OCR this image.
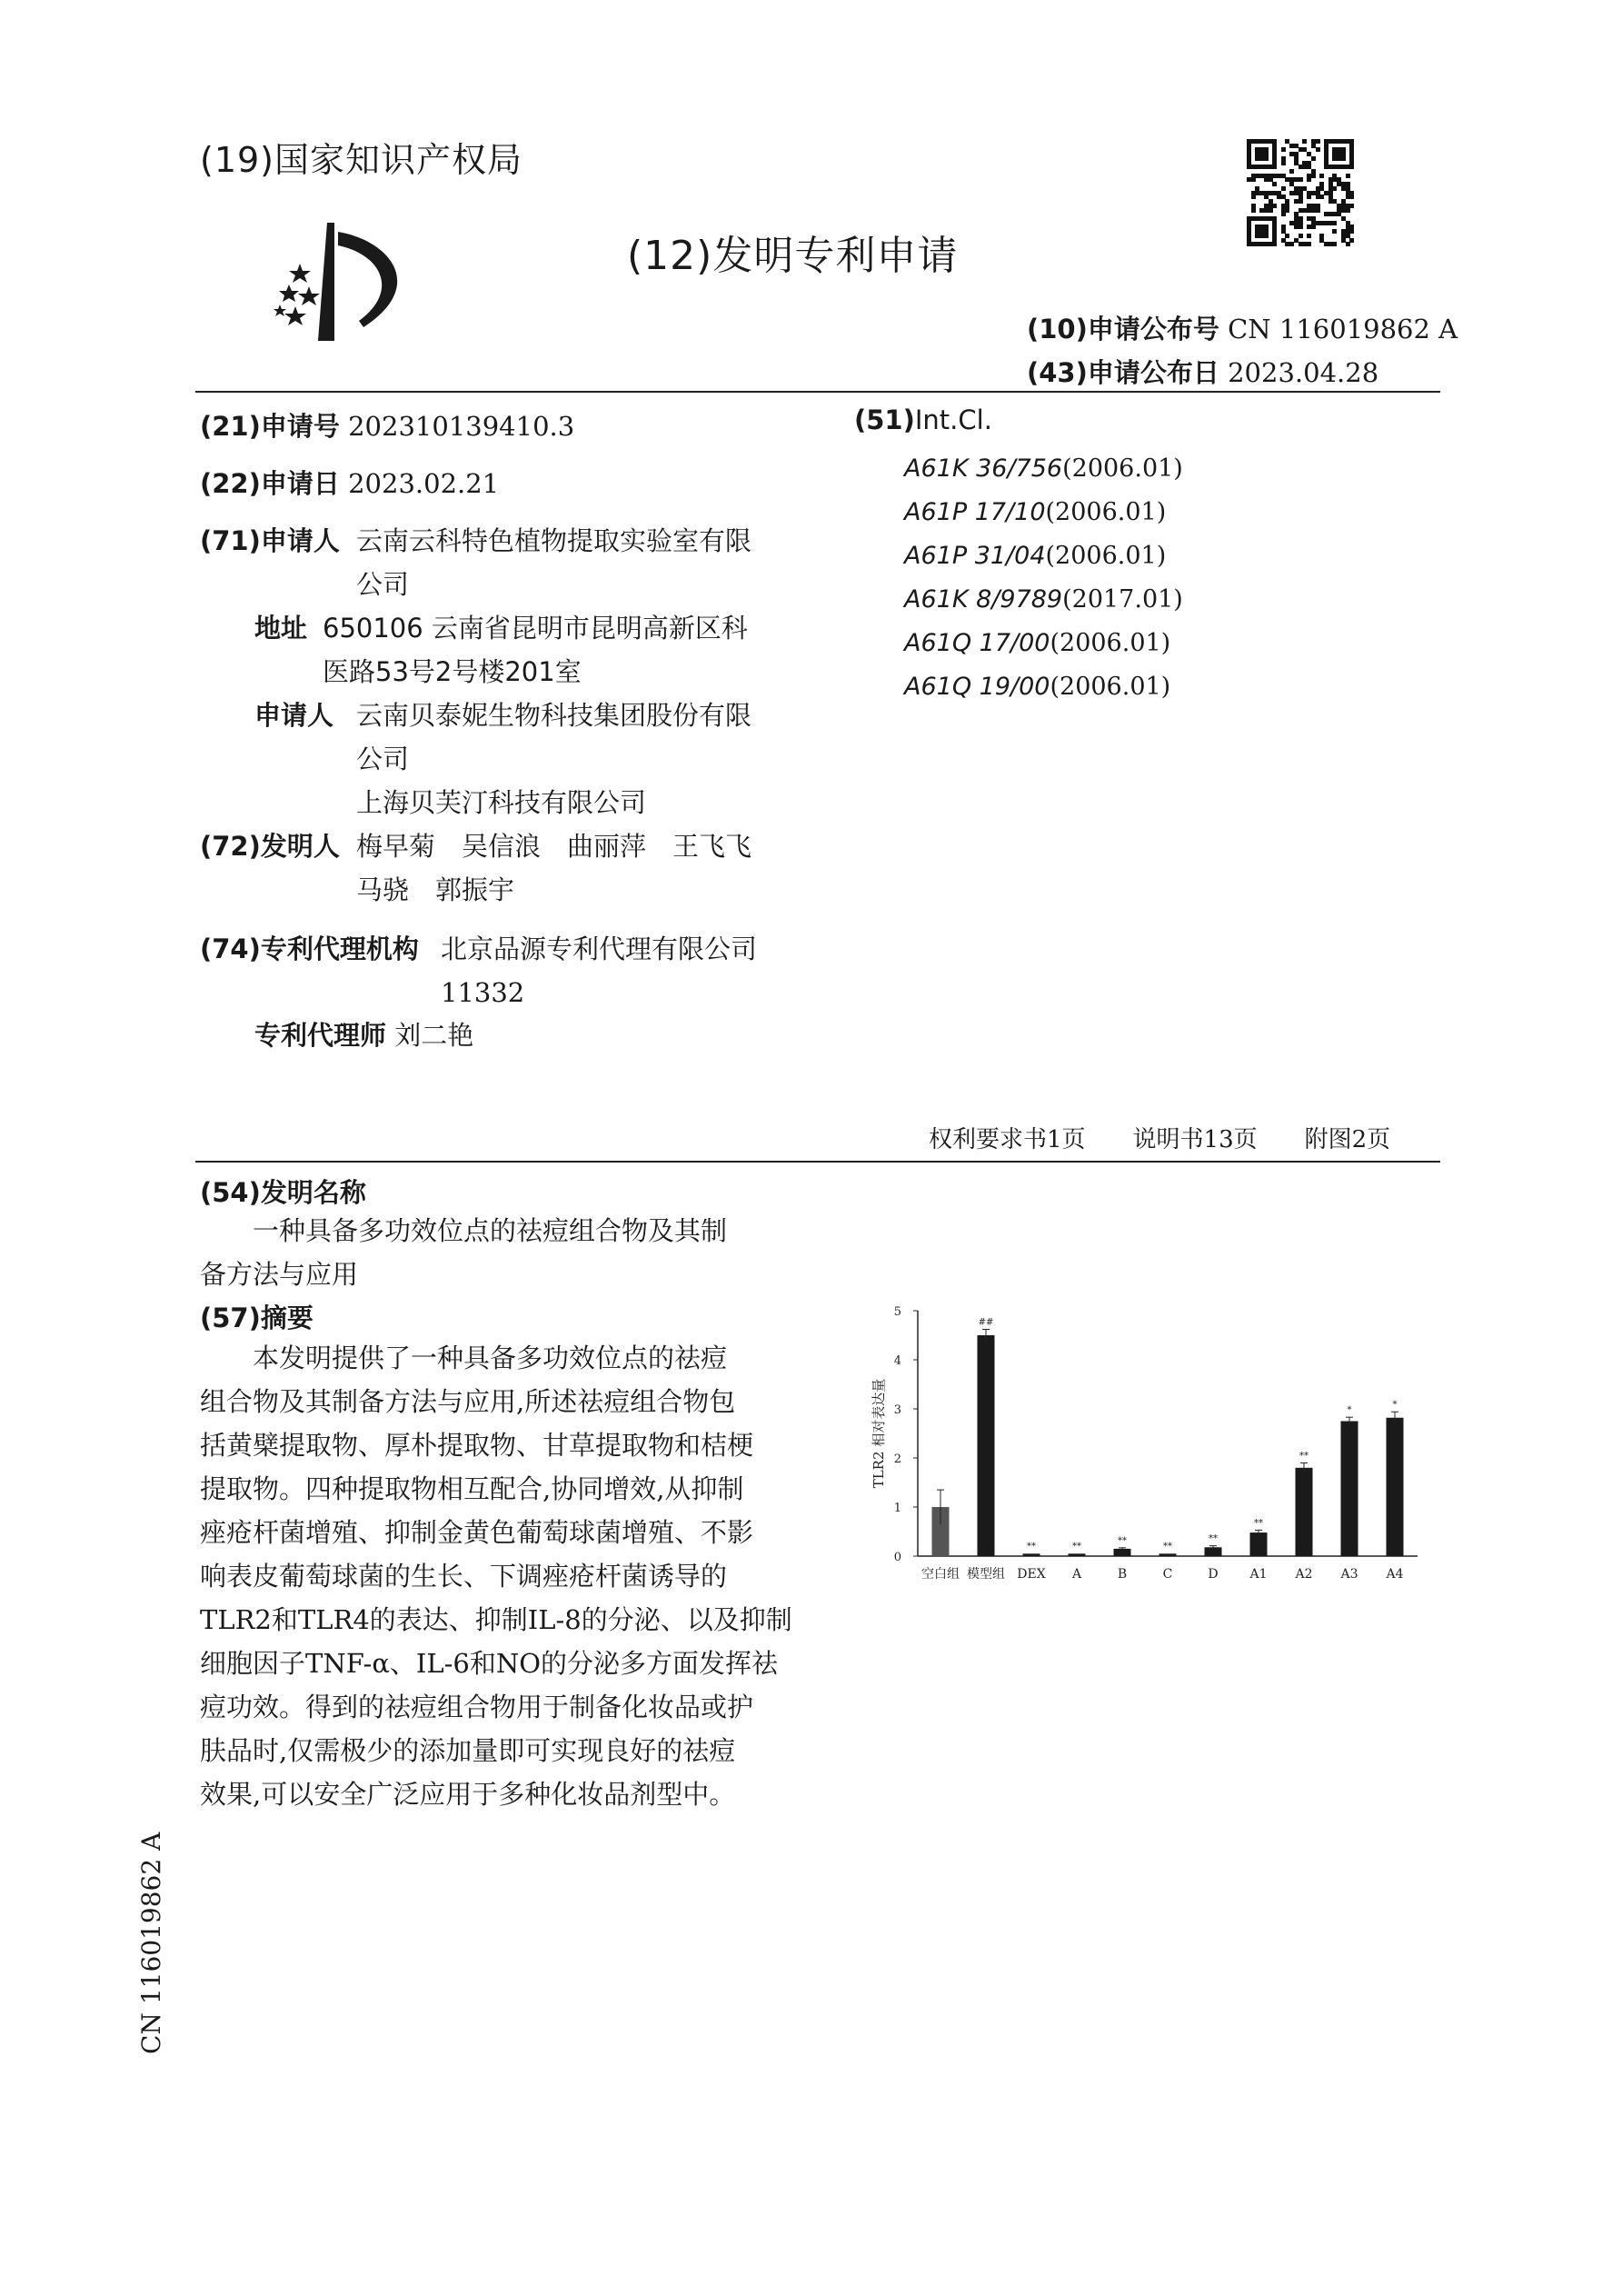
(19)国家知识产权局
(12)发明专利申请
(10)申请公布号 CN 116019862 A
(43)申请公布日 2023.04.28
(21)申请号 202310139410.3
(22)申请日 2023.02.21
(71)申请人 云南云科特色植物提取实验室有限
公司
地址 650106 云南省昆明市昆明高新区科
医路53号2号楼201室
申请人 云南贝泰妮生物科技集团股份有限
公司
上海贝芙汀科技有限公司
(72)发明人 梅早菊　吴信浪　曲丽萍　王飞飞
马骁　郭振宇
(74)专利代理机构 北京品源专利代理有限公司
11332
专利代理师 刘二艳
(51)Int.Cl.
A61K 36/756(2006.01)
A61P 17/10(2006.01)
A61P 31/04(2006.01)
A61K 8/9789(2017.01)
A61Q 17/00(2006.01)
A61Q 19/00(2006.01)
权利要求书1页　　说明书13页　　附图2页
(54)发明名称
一种具备多功效位点的祛痘组合物及其制
备方法与应用
(57)摘要
本发明提供了一种具备多功效位点的祛痘
组合物及其制备方法与应用,所述祛痘组合物包
括黄檗提取物、厚朴提取物、甘草提取物和桔梗
提取物。四种提取物相互配合,协同增效,从抑制
痤疮杆菌增殖、抑制金黄色葡萄球菌增殖、不影
响表皮葡萄球菌的生长、下调痤疮杆菌诱导的
TLR2和TLR4的表达、抑制IL-8的分泌、以及抑制
细胞因子TNF-α、IL-6和NO的分泌多方面发挥祛
痘功效。得到的祛痘组合物用于制备化妆品或护
肤品时,仅需极少的添加量即可实现良好的祛痘
效果,可以安全广泛应用于多种化妆品剂型中。
0
1
2
3
4
5
TLR2 相对表达量
空白组
##
模型组
**
DEX
**
A
**
B
**
C
**
D
**
A1
**
A2
*
A3
*
A4
CN 116019862 A
